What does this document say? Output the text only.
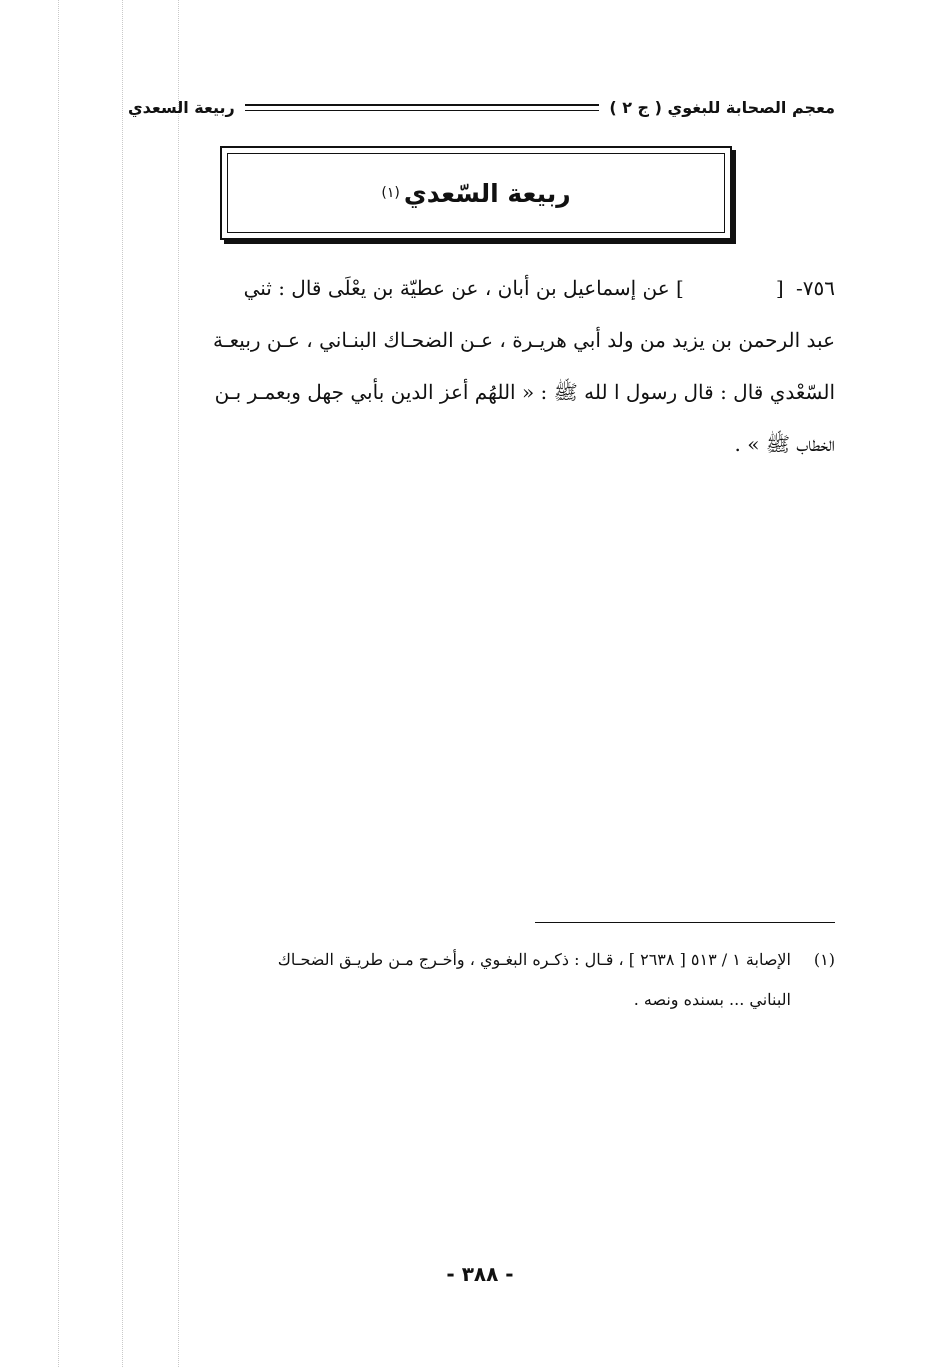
معجم الصحابة للبغوي ( ج ٢ )
ربيعة السعدي
ربيعة السّعدي
(١)
٧٥٦- [] عن إسماعيل بن أبان ، عن عطيّة بن يعْلَى قال : ثني
عبد الرحمن بن يزيد من ولد أبي هريـرة ، عـن الضحـاك البنـاني ، عـن ربيعـة
السّعْدي قال : قال رسول ا لله ﷺ : « اللهُم أعز الدين بأبي جهل وبعمـر بـن
الخطاب ﷺ » .
(١)الإصابة ١ / ٥١٣ [ ٢٦٣٨ ] ، قـال : ذكـره البغـوي ، وأخـرج مـن طريـق الضحـاك
البناني ... بسنده ونصه .
- ٣٨٨ -
